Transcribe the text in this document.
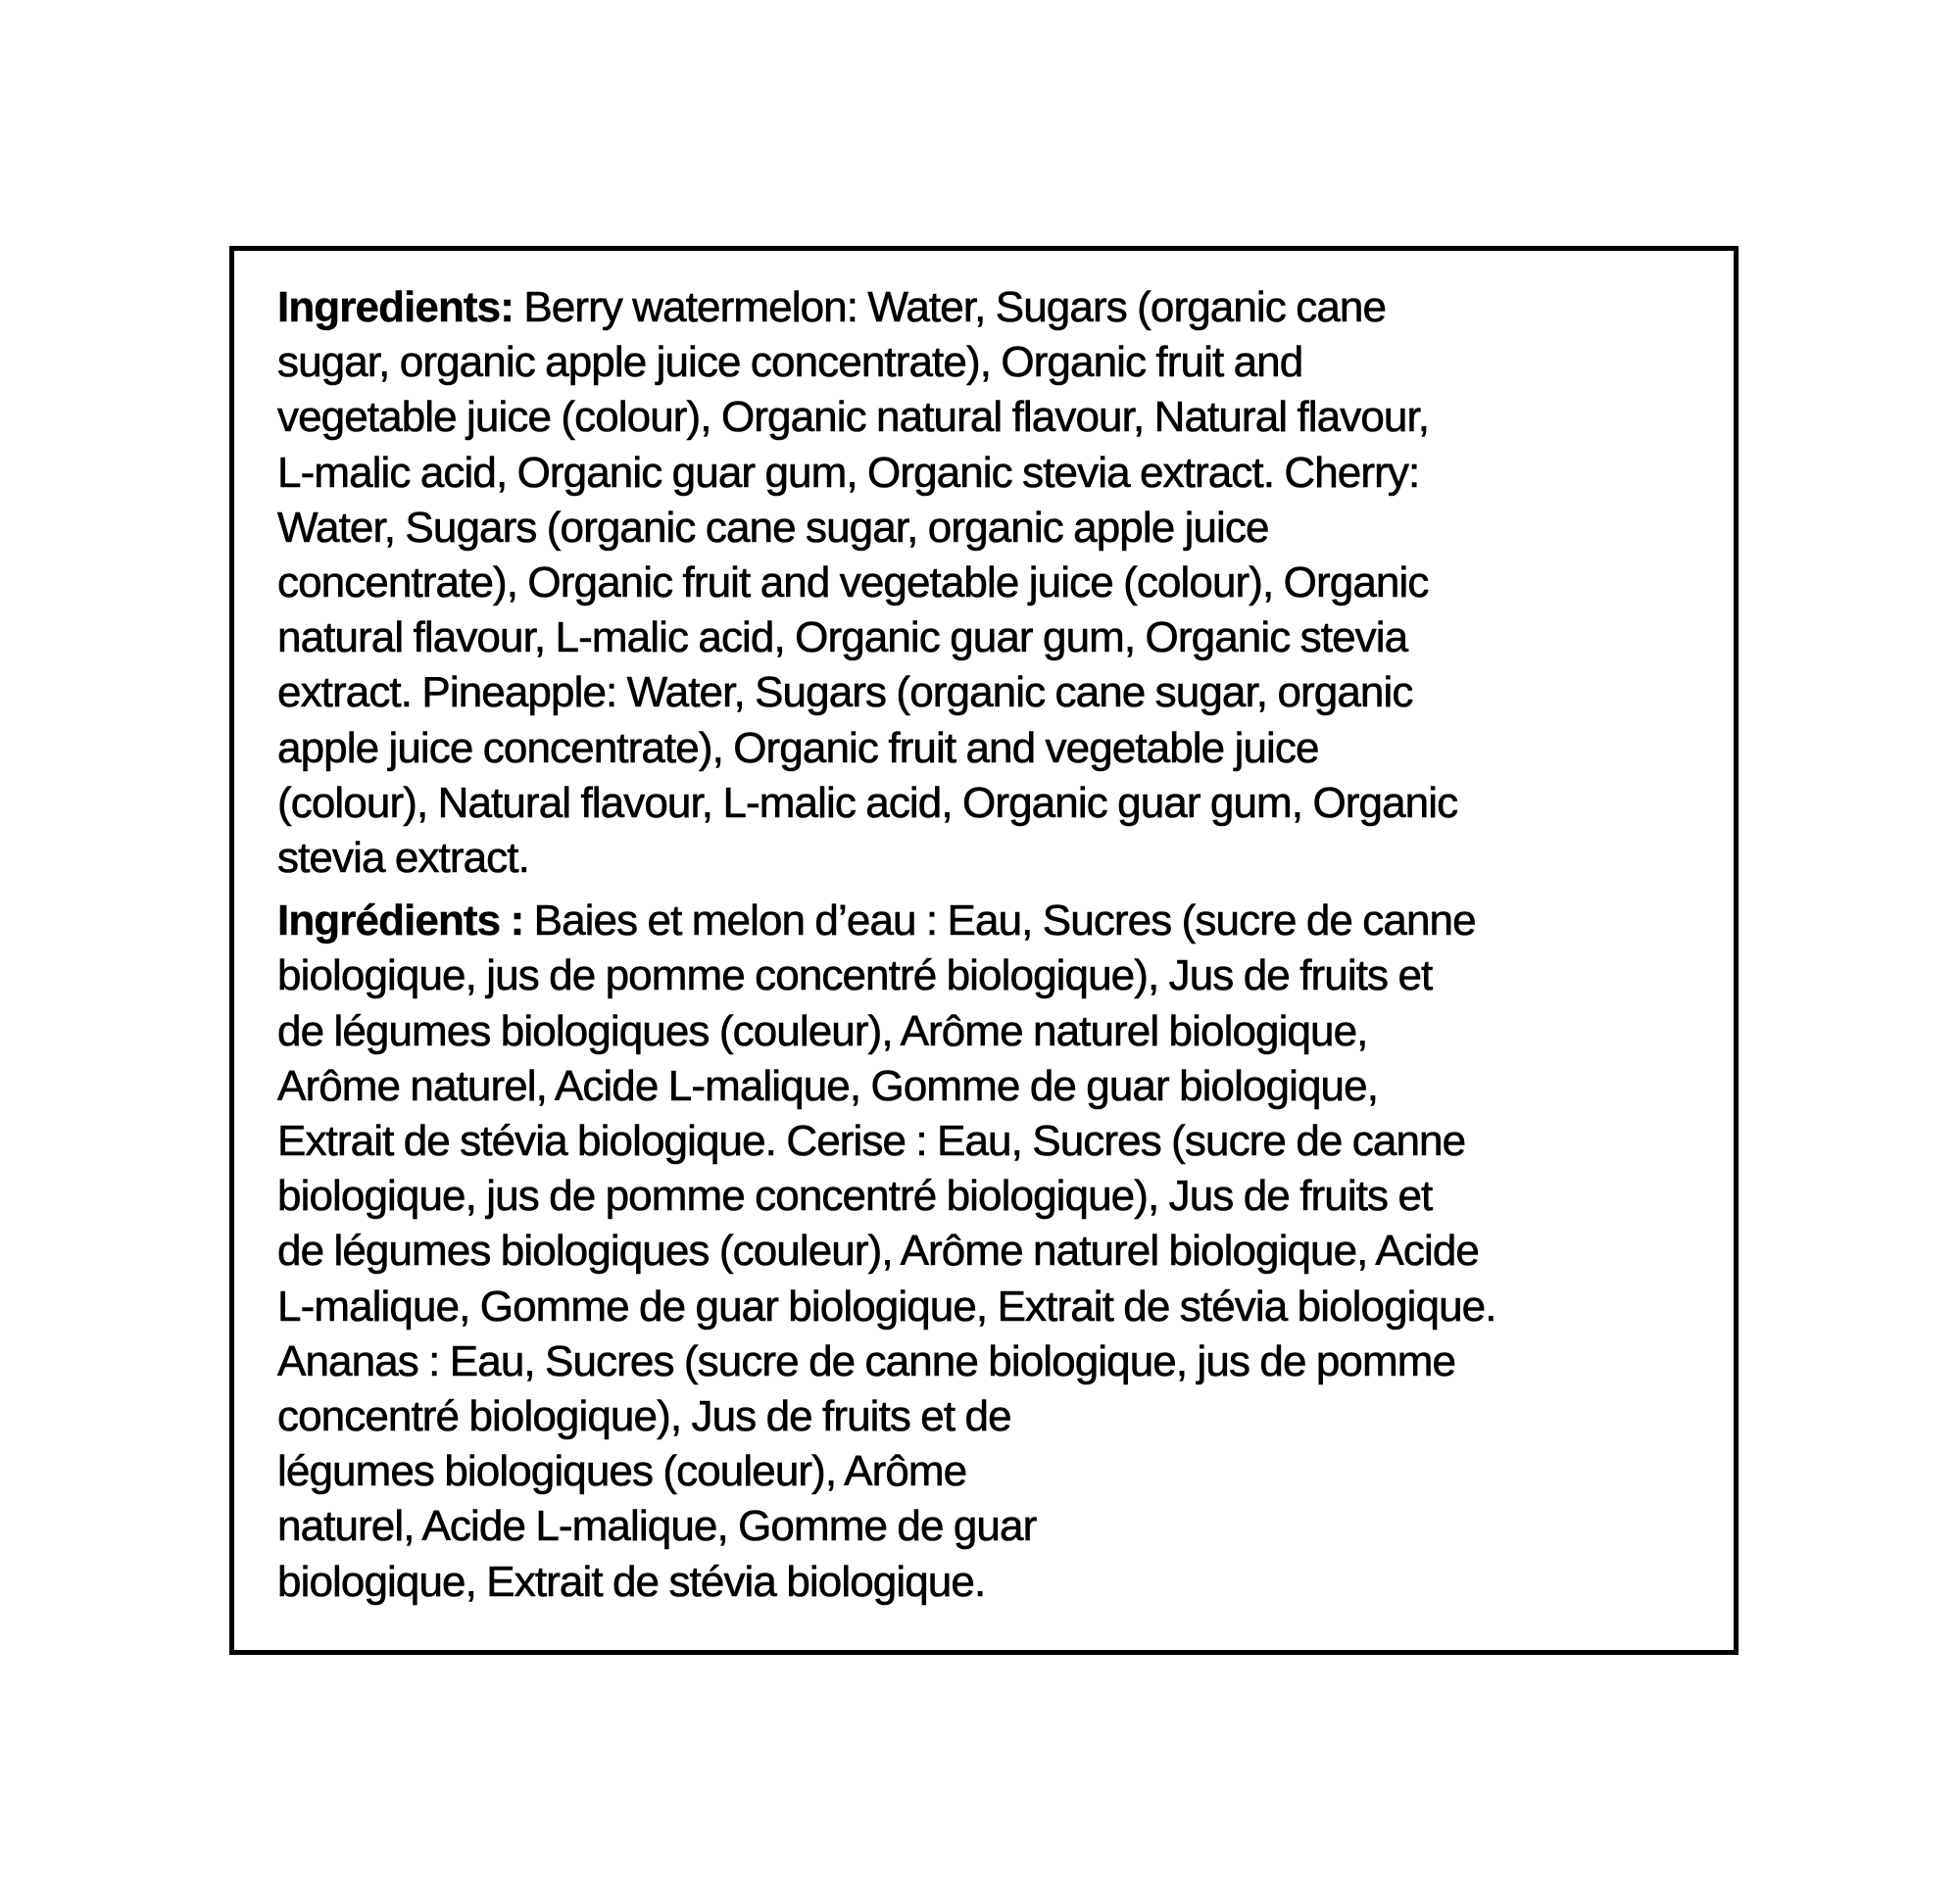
Ingredients: Berry watermelon: Water, Sugars (organic cane
sugar, organic apple juice concentrate), Organic fruit and
vegetable juice (colour), Organic natural flavour, Natural flavour,
L-malic acid, Organic guar gum, Organic stevia extract. Cherry:
Water, Sugars (organic cane sugar, organic apple juice
concentrate), Organic fruit and vegetable juice (colour), Organic
natural flavour, L-malic acid, Organic guar gum, Organic stevia
extract. Pineapple: Water, Sugars (organic cane sugar, organic
apple juice concentrate), Organic fruit and vegetable juice
(colour), Natural flavour, L-malic acid, Organic guar gum, Organic
stevia extract.
Ingrédients : Baies et melon d’eau : Eau, Sucres (sucre de canne
biologique, jus de pomme concentré biologique), Jus de fruits et
de légumes biologiques (couleur), Arôme naturel biologique,
Arôme naturel, Acide L-malique, Gomme de guar biologique,
Extrait de stévia biologique. Cerise : Eau, Sucres (sucre de canne
biologique, jus de pomme concentré biologique), Jus de fruits et
de légumes biologiques (couleur), Arôme naturel biologique, Acide
L-malique, Gomme de guar biologique, Extrait de stévia biologique.
Ananas : Eau, Sucres (sucre de canne biologique, jus de pomme
concentré biologique), Jus de fruits et de
légumes biologiques (couleur), Arôme
naturel, Acide L-malique, Gomme de guar
biologique, Extrait de stévia biologique.
